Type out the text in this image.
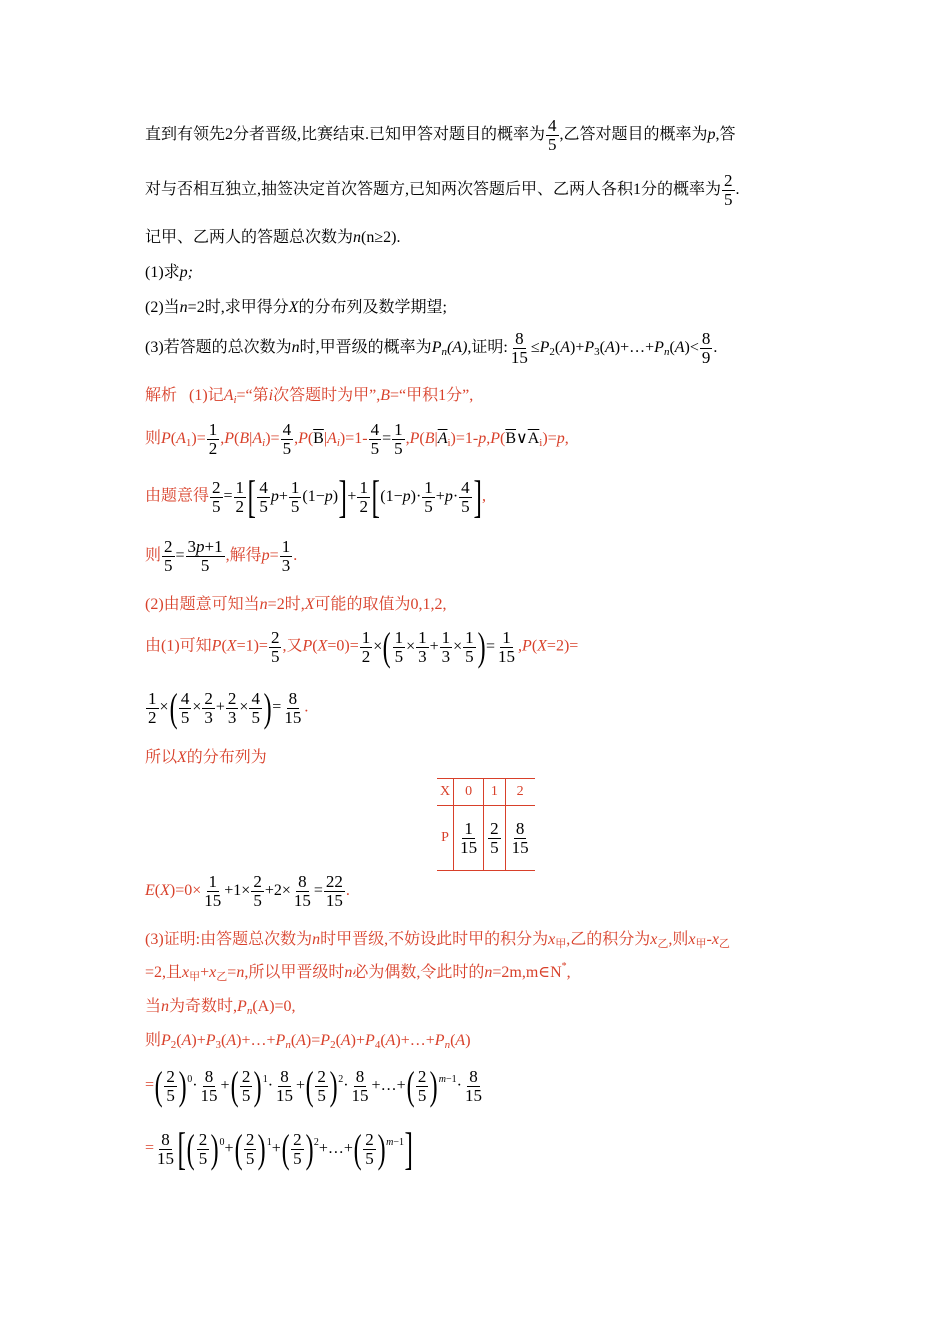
直到有领先2分者晋级,比赛结束.已知甲答对题目的概率为 $\frac{4}{5}$ ,乙答对题目的概率为p,答
对与否相互独立,抽签决定首次答题方,已知两次答题后甲、乙两人各积1分的概率为 $\frac{2}{5}$ .
记甲、乙两人的答题总次数为n(n≥2).
(1)求p;
(2)当n=2时,求甲得分X的分布列及数学期望;
(3)若答题的总次数为n时,甲晋级的概率为$P_n(A)$,证明: $\frac{8}{15}$ $\le P_2(A)+P_3(A)+\dots+P_n(A)< \frac{8}{9}$ .
解析 (1)记$A_i=“$第i次答题时为甲”,B=“甲积1分”,
则$P(A_1)= \frac{1}{2} ,P(B|A_i)= \frac{4}{5} ,P(\overline{B}|A_i)=1- \frac{4}{5} = \frac{1}{5}$ $,P(B|\overline{A}_i)=1-p,P(\overline{B}\vee\overline{A}_i)=p$,
由题意得 $\frac{2}{5} = \frac{1}{2}$ [ $\frac{4}{5} p+ \frac{1}{5} (1-p)]+ \frac{1}{2} [(1-p)\cdot \frac{1}{5} +p\cdot \frac{4}{5}$ ],
则 $\frac{2}{5} = \frac{3p+1}{5}$ ,解得$p= \frac{1}{3}$ .
(2)由题意可知当n=2时,X可能的取值为0,1,2,
由(1)可知$P(X=1)= \frac{2}{5}$ ,又$P(X=0)= \frac{1}{2}$ ×( $\frac{1}{5} \times \frac{1}{3} + \frac{1}{3} \times \frac{1}{5}$ )= $\frac{1}{15} ,P(X=2)=$
$\frac{1}{2}$ ×( $\frac{4}{5} \times \frac{2}{3} + \frac{2}{3} \times \frac{4}{5}$ )= $\frac{8}{15}$ .
所以X的分布列为
X	0	1	2
P	$\frac{1}{15}$	$\frac{2}{5}$	$\frac{8}{15}$
$E(X)=0\times \frac{1}{15} +1\times \frac{2}{5} +2\times \frac{8}{15} = \frac{22}{15}$ .
(3)证明:由答题总次数为n时甲晋级,不妨设此时甲的积分为$x_甲$,乙的积分为$x_乙$,则$x_甲-x_乙$
=2,且$x_甲+x_乙=n$,所以甲晋级时n必为偶数,令此时的n=2m,m∈N*,
当n为奇数时$,P_n(A)=0$,
则$P_2(A)+P_3(A)+\dots+P_n(A)=P_2(A)+P_4(A)+\dots+P_n(A)$
=( $\frac{2}{5} )^0\cdot \frac{8}{15}$ +( $\frac{2}{5} )^1\cdot \frac{8}{15}$ +( $\frac{2}{5} )^2\cdot \frac{8}{15}$ +…+( $\frac{2}{5} )^{m-1}\cdot \frac{8}{15}$
= $\frac{8}{15}$ [( $\frac{2}{5} )^0+( \frac{2}{5} )^1+( \frac{2}{5}$ )$^2+\dots+( \frac{2}{5} )^{m-1}$]
